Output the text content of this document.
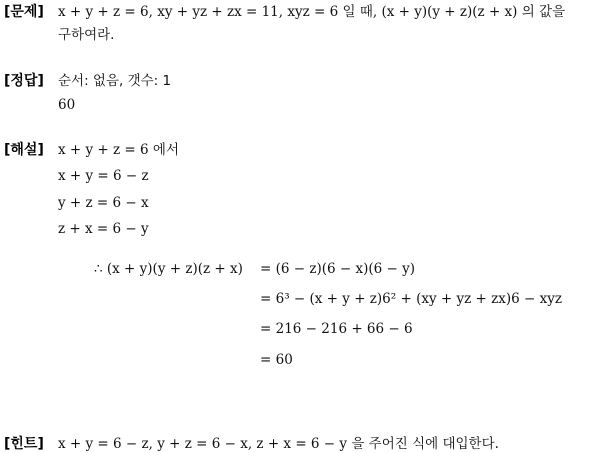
[문제] x + y + z = 6, xy + yz + zx = 11, xyz = 6 일 때, (x + y)(y + z)(z + x) 의 값을
구하여라.
[정답] 순서: 없음, 갯수: 1
60
[해설] x + y + z = 6 에서
x + y = 6 − z
y + z = 6 − x
z + x = 6 − y
∴ (x + y)(y + z)(z + x) = (6 − z)(6 − x)(6 − y)
= 6³ − (x + y + z)6² + (xy + yz + zx)6 − xyz
= 216 − 216 + 66 − 6
= 60
[힌트] x + y = 6 − z, y + z = 6 − x, z + x = 6 − y 을 주어진 식에 대입한다.
